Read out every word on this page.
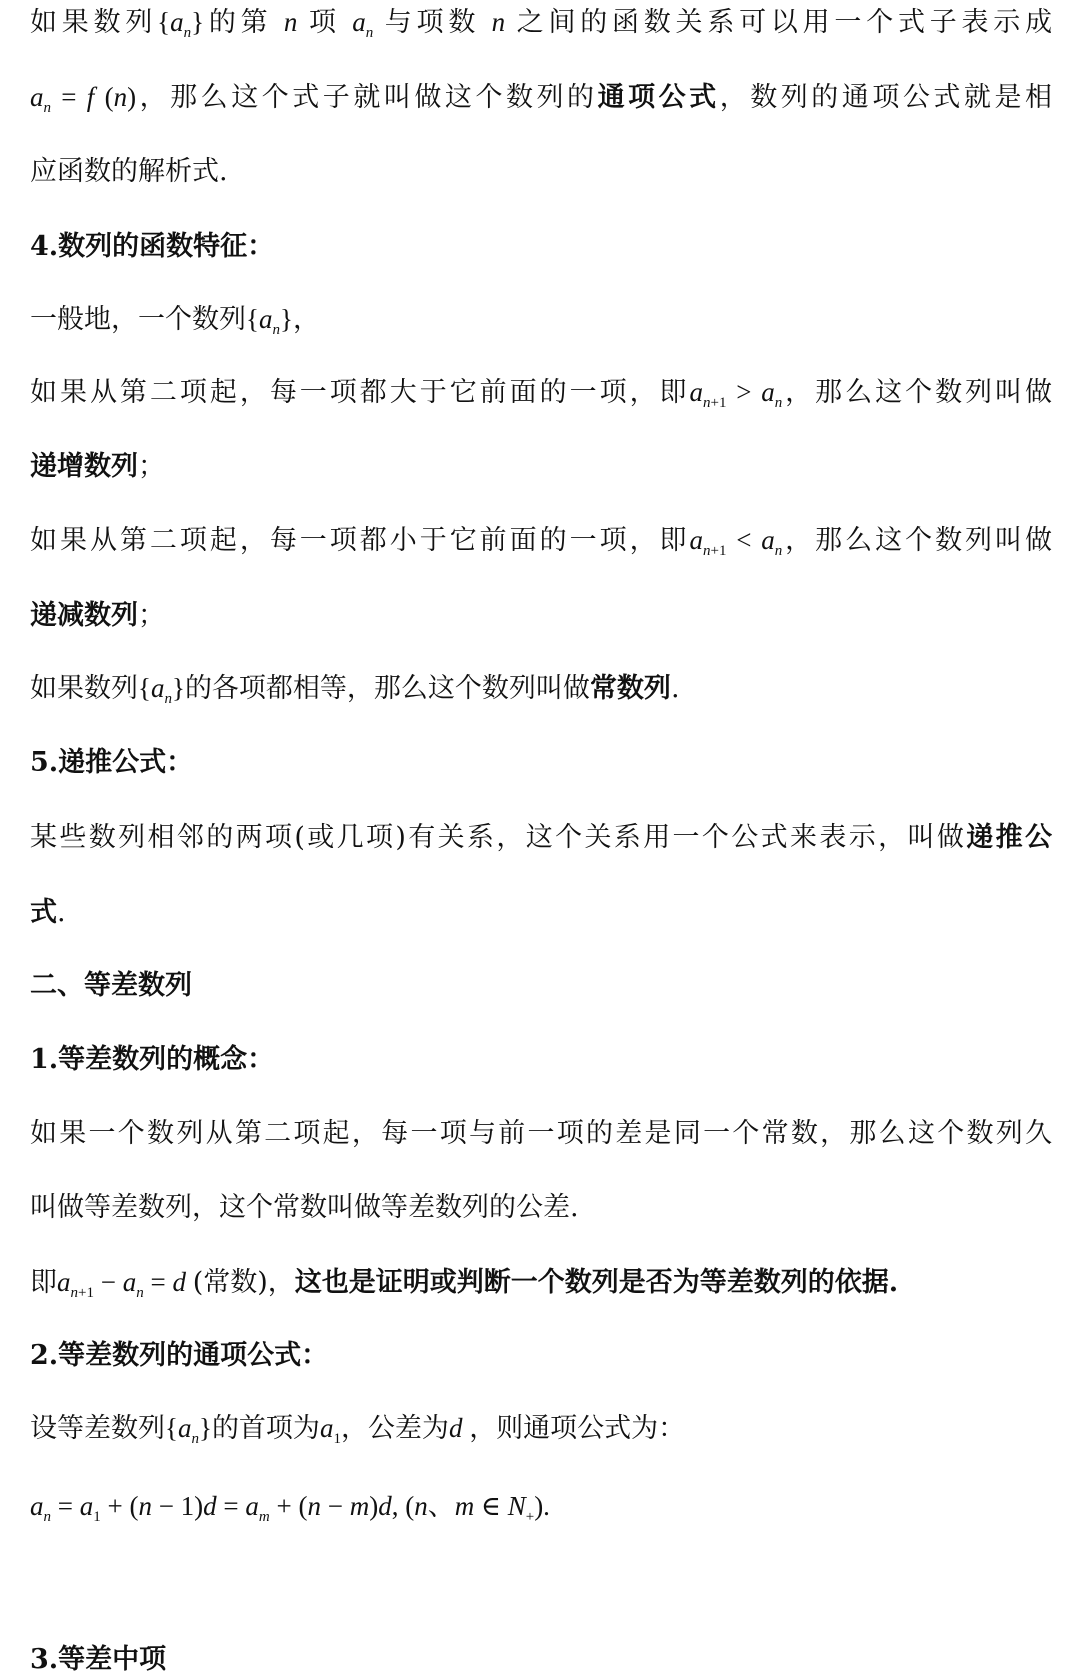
如果数列$\{a_n\}$的第 n 项 $a_n$ 与项数 n 之间的函数关系可以用一个式子表示成
$a_n = f$ (n)，那么这个式子就叫做这个数列的通项公式，数列的通项公式就是相
应函数的解析式.
4.数列的函数特征：
一般地，一个数列$\{a_n\}$，
如果从第二项起，每一项都大于它前面的一项，即$a_{n+1} > a_n$，那么这个数列叫做
递增数列；
如果从第二项起，每一项都小于它前面的一项，即$a_{n+1} < a_n$，那么这个数列叫做
递减数列；
如果数列$\{a_n\}$的各项都相等，那么这个数列叫做常数列.
5.递推公式：
某些数列相邻的两项(或几项)有关系，这个关系用一个公式来表示，叫做递推公
式.
二、等差数列
1.等差数列的概念：
如果一个数列从第二项起，每一项与前一项的差是同一个常数，那么这个数列久
叫做等差数列，这个常数叫做等差数列的公差.
即$a_{n+1} - a_n = d$ (常数)，这也是证明或判断一个数列是否为等差数列的依据.
2.等差数列的通项公式：
设等差数列$\{a_n\}$的首项为$a_1$，公差为d ，则通项公式为：
$a_n = a_1 + (n - 1)d = a_m + (n - m)d$, (n、m ∈ $N_+$).
3.等差中项
